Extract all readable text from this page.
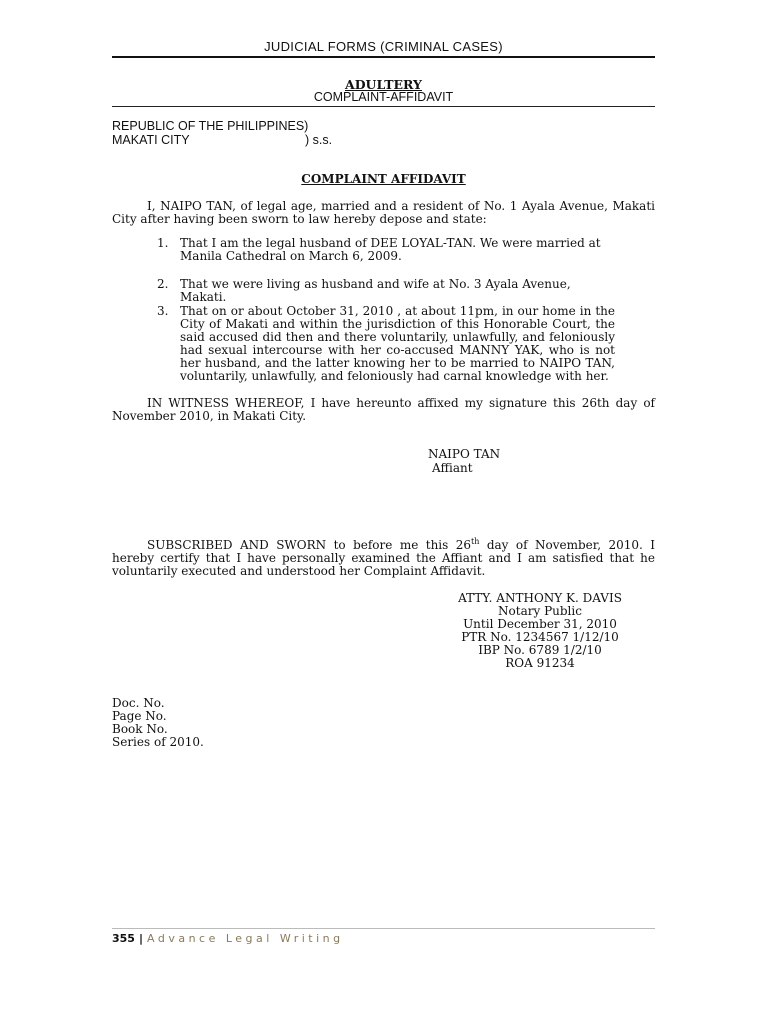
JUDICIAL FORMS (CRIMINAL CASES)
ADULTERY
COMPLAINT-AFFIDAVIT
REPUBLIC OF THE PHILIPPINES)
MAKATI CITY	) s.s.
COMPLAINT AFFIDAVIT
I, NAIPO TAN, of legal age, married and a resident of No. 1 Ayala Avenue, Makati City after having been sworn to law hereby depose and state:
1. That I am the legal husband of DEE LOYAL-TAN. We were married at Manila Cathedral on March 6, 2009.
2. That we were living as husband and wife at No. 3 Ayala Avenue, Makati.
3. That on or about October 31, 2010 , at about 11pm, in our home in the City of Makati and within the jurisdiction of this Honorable Court, the said accused did then and there voluntarily, unlawfully, and feloniously had sexual intercourse with her co-accused MANNY YAK, who is not her husband, and the latter knowing her to be married to NAIPO TAN, voluntarily, unlawfully, and feloniously had carnal knowledge with her.
IN WITNESS WHEREOF, I have hereunto affixed my signature this 26th day of November 2010, in Makati City.
NAIPO TAN
Affiant
SUBSCRIBED AND SWORN to before me this 26th day of November, 2010. I hereby certify that I have personally examined the Affiant and I am satisfied that he voluntarily executed and understood her Complaint Affidavit.
ATTY. ANTHONY K. DAVIS
Notary Public
Until December 31, 2010
PTR No. 1234567 1/12/10
IBP No. 6789 1/2/10
ROA 91234
Doc. No.
Page No.
Book No.
Series of 2010.
355 | Advance Legal Writing
